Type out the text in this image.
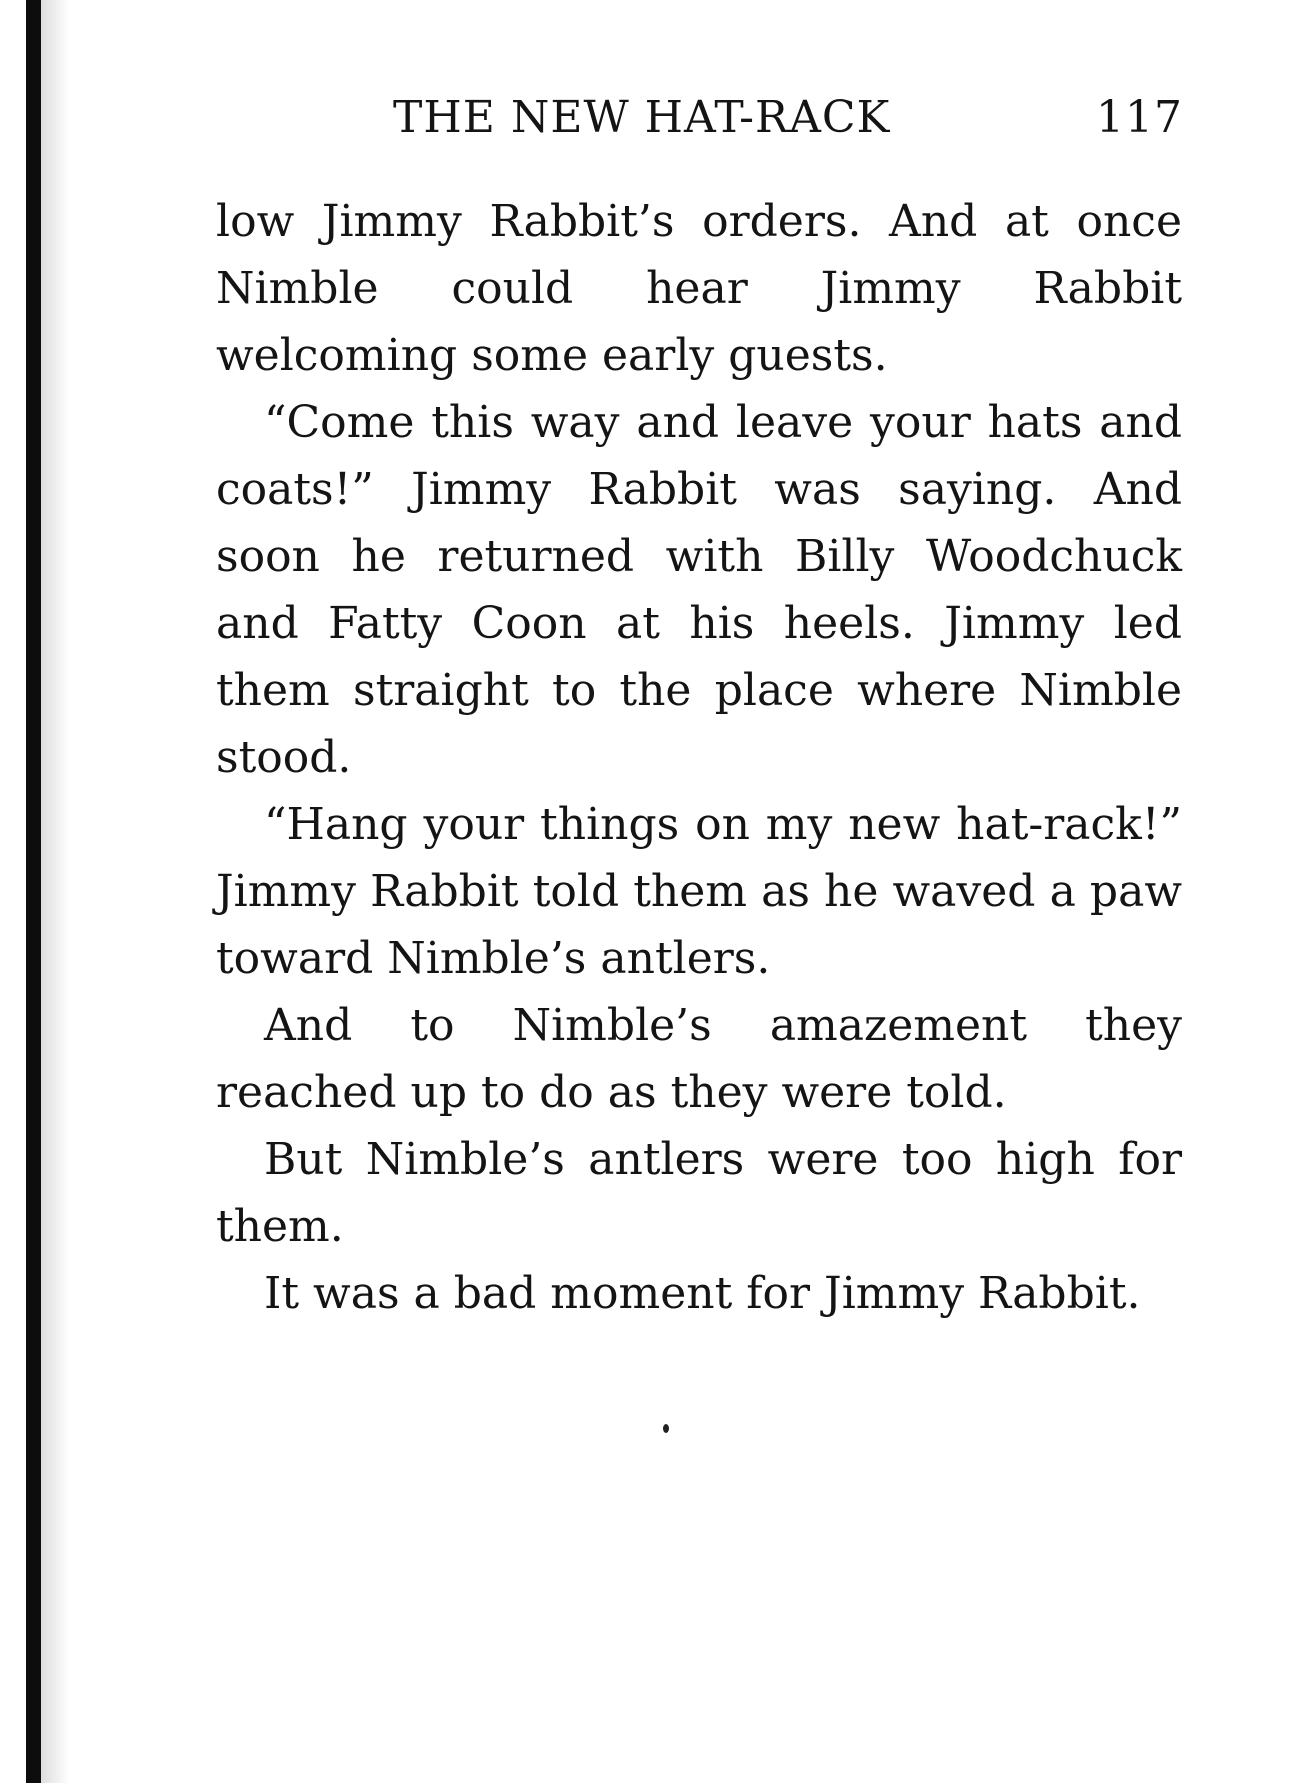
THE NEW HAT-RACK	117

low Jimmy Rabbit’s orders. And at once Nimble could hear Jimmy Rabbit welcoming some early guests.

“Come this way and leave your hats and coats!” Jimmy Rabbit was saying. And soon he returned with Billy Woodchuck and Fatty Coon at his heels. Jimmy led them straight to the place where Nimble stood.

“Hang your things on my new hat-rack!” Jimmy Rabbit told them as he waved a paw toward Nimble’s antlers.

And to Nimble’s amazement they reached up to do as they were told.

But Nimble’s antlers were too high for them.

It was a bad moment for Jimmy Rabbit.
